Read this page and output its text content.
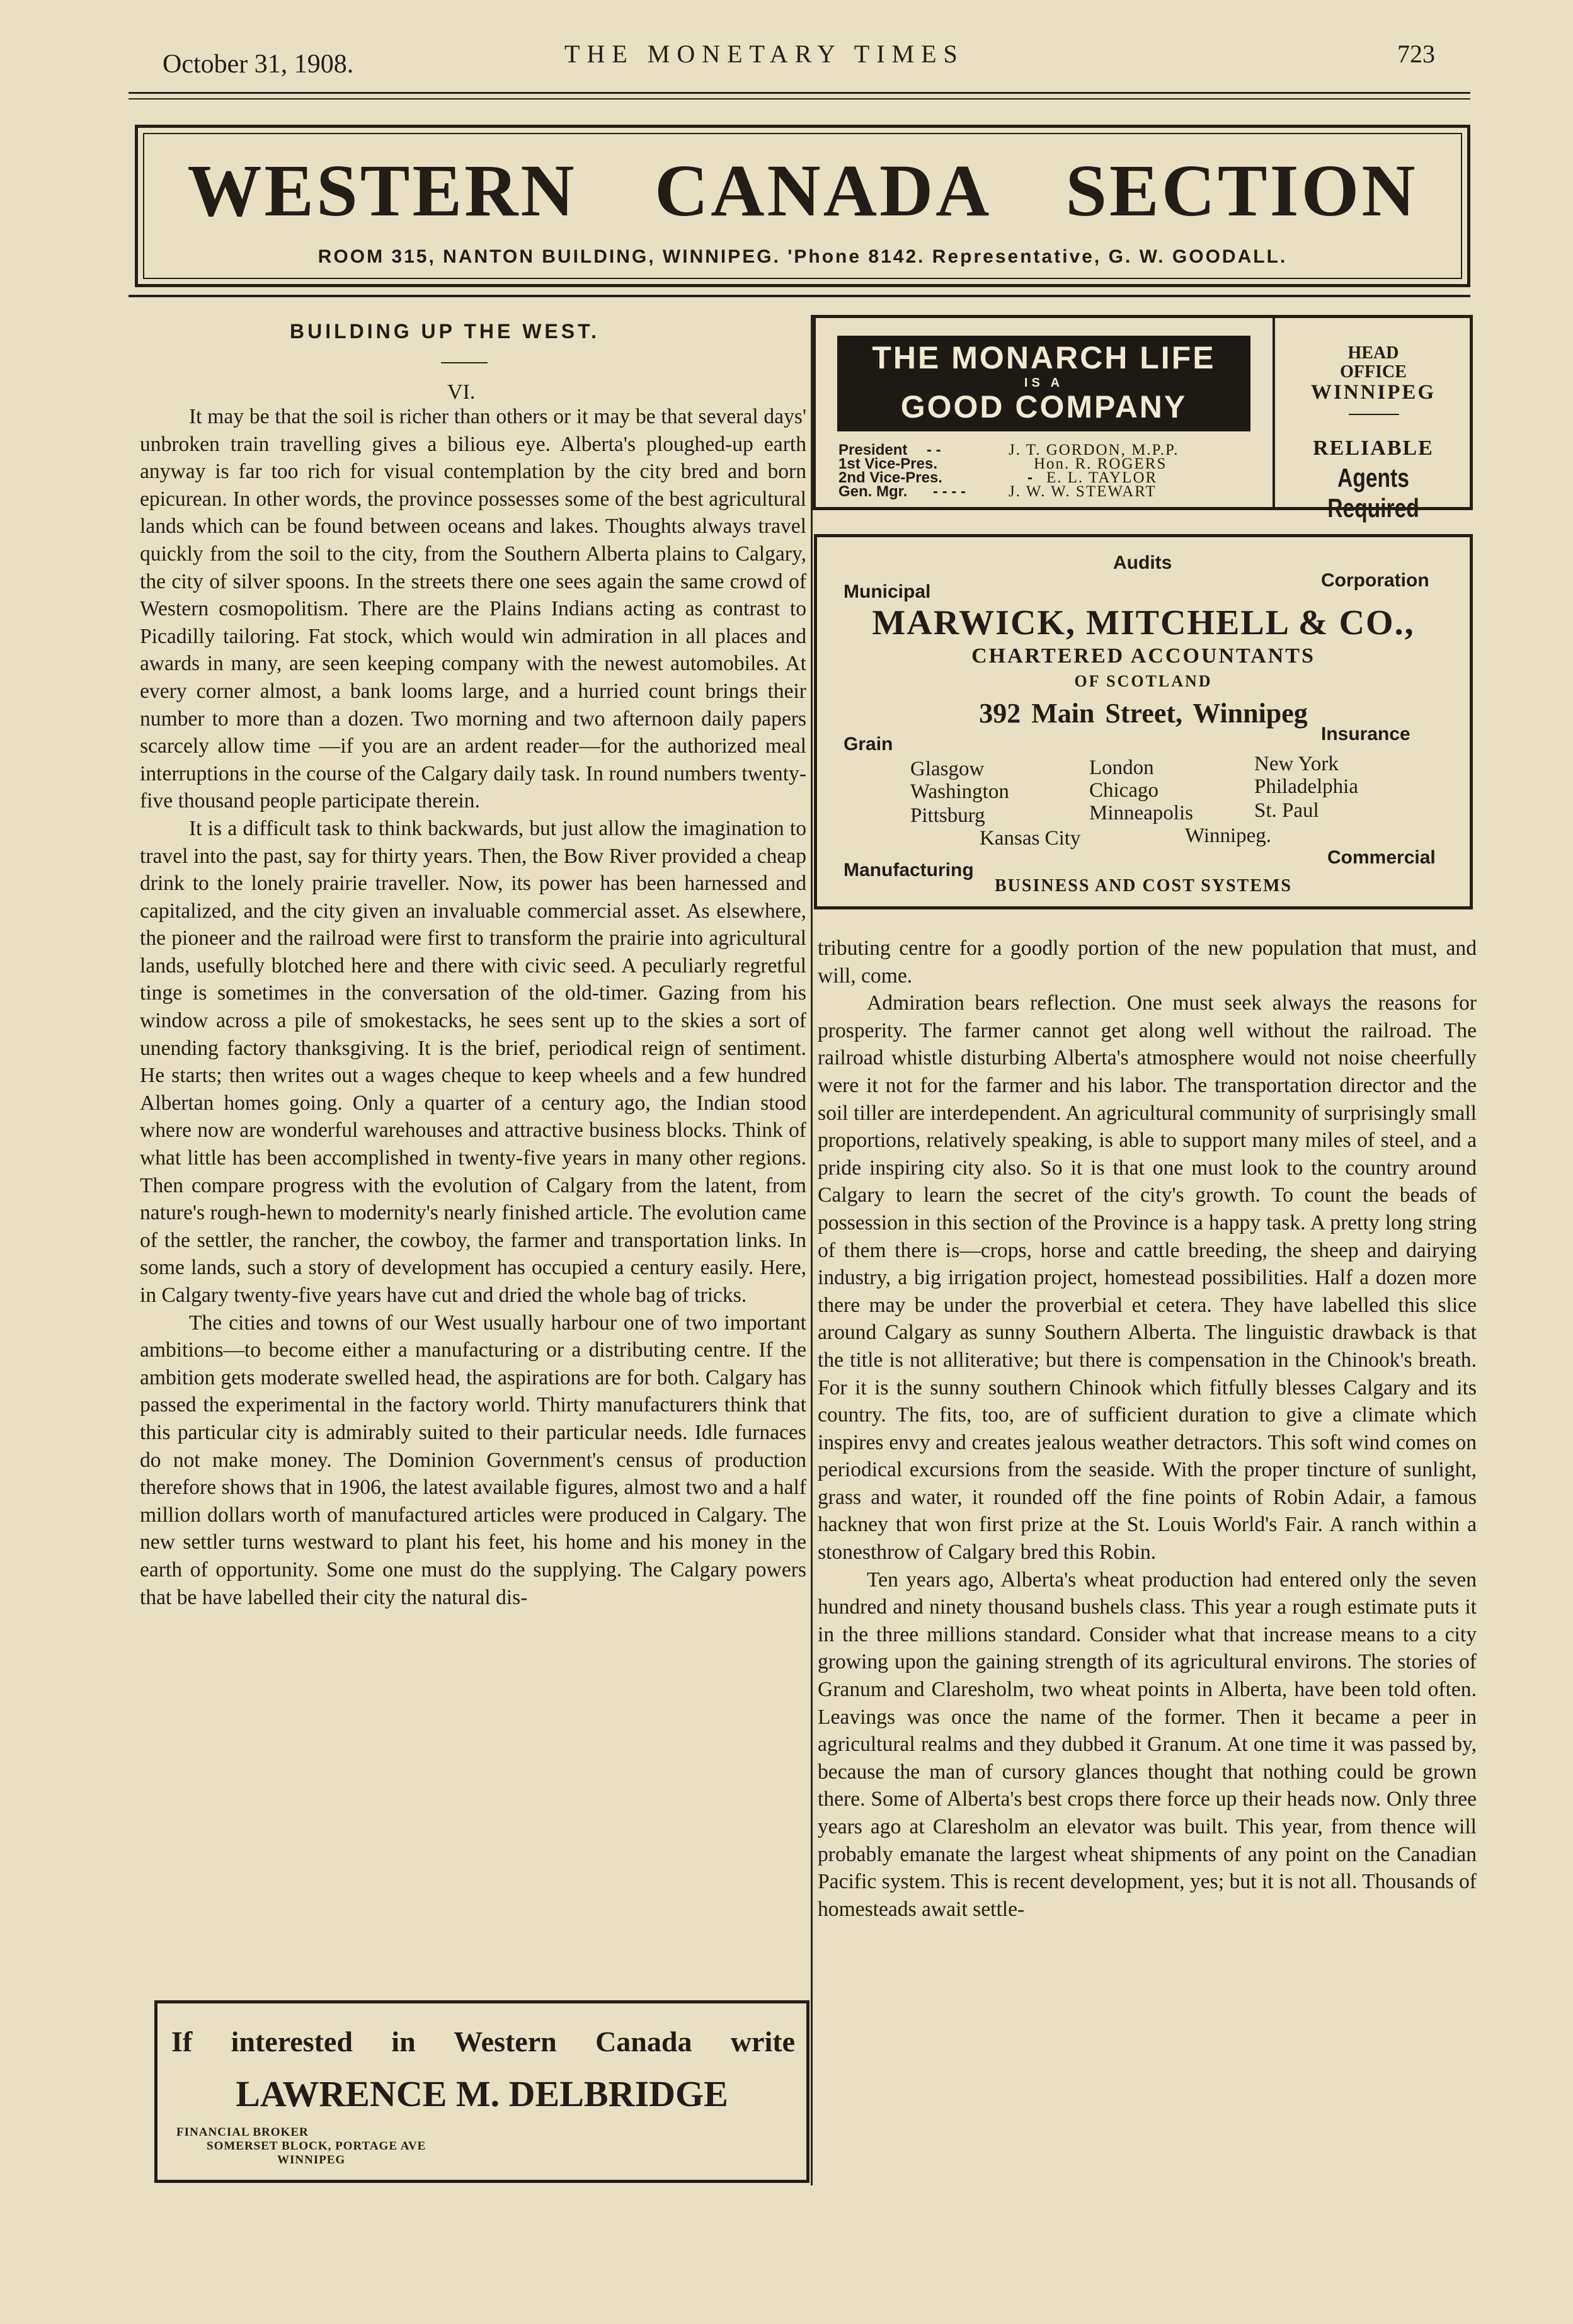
October 31, 1908.	THE MONETARY TIMES	723
WESTERN CANADA SECTION
ROOM 315, NANTON BUILDING, WINNIPEG. 'Phone 8142. Representative, G. W. GOODALL.
BUILDING UP THE WEST.
VI.

It may be that the soil is richer than others or it may be that several days' unbroken train travelling gives a bilious eye. Alberta's ploughed-up earth anyway is far too rich for visual contemplation by the city bred and born epicurean. In other words, the province possesses some of the best agricultural lands which can be found between oceans and lakes. Thoughts always travel quickly from the soil to the city, from the Southern Alberta plains to Calgary, the city of silver spoons. In the streets there one sees again the same crowd of Western cosmopolitism. There are the Plains Indians acting as contrast to Picadilly tailoring. Fat stock, which would win admiration in all places and awards in many, are seen keeping company with the newest automobiles. At every corner almost, a bank looms large, and a hurried count brings their number to more than a dozen. Two morning and two afternoon daily papers scarcely allow time —if you are an ardent reader—for the authorized meal interruptions in the course of the Calgary daily task. In round numbers twenty-five thousand people participate therein.

It is a difficult task to think backwards, but just allow the imagination to travel into the past, say for thirty years. Then, the Bow River provided a cheap drink to the lonely prairie traveller. Now, its power has been harnessed and capitalized, and the city given an invaluable commercial asset. As elsewhere, the pioneer and the railroad were first to transform the prairie into agricultural lands, usefully blotched here and there with civic seed. A peculiarly regretful tinge is sometimes in the conversation of the old-timer. Gazing from his window across a pile of smokestacks, he sees sent up to the skies a sort of unending factory thanksgiving. It is the brief, periodical reign of sentiment. He starts; then writes out a wages cheque to keep wheels and a few hundred Albertan homes going. Only a quarter of a century ago, the Indian stood where now are wonderful warehouses and attractive business blocks. Think of what little has been accomplished in twenty-five years in many other regions. Then compare progress with the evolution of Calgary from the latent, from nature's rough-hewn to modernity's nearly finished article. The evolution came of the settler, the rancher, the cowboy, the farmer and transportation links. In some lands, such a story of development has occupied a century easily. Here, in Calgary twenty-five years have cut and dried the whole bag of tricks.

The cities and towns of our West usually harbour one of two important ambitions—to become either a manufacturing or a distributing centre. If the ambition gets moderate swelled head, the aspirations are for both. Calgary has passed the experimental in the factory world. Thirty manufacturers think that this particular city is admirably suited to their particular needs. Idle furnaces do not make money. The Dominion Government's census of production therefore shows that in 1906, the latest available figures, almost two and a half million dollars worth of manufactured articles were produced in Calgary. The new settler turns westward to plant his feet, his home and his money in the earth of opportunity. Some one must do the supplying. The Calgary powers that be have labelled their city the natural dis-

tributing centre for a goodly portion of the new population that must, and will, come.

Admiration bears reflection. One must seek always the reasons for prosperity. The farmer cannot get along well without the railroad. The railroad whistle disturbing Alberta's atmosphere would not noise cheerfully were it not for the farmer and his labor. The transportation director and the soil tiller are interdependent. An agricultural community of surprisingly small proportions, relatively speaking, is able to support many miles of steel, and a pride inspiring city also. So it is that one must look to the country around Calgary to learn the secret of the city's growth. To count the beads of possession in this section of the Province is a happy task. A pretty long string of them there is—crops, horse and cattle breeding, the sheep and dairying industry, a big irrigation project, homestead possibilities. Half a dozen more there may be under the proverbial et cetera. They have labelled this slice around Calgary as sunny Southern Alberta. The linguistic drawback is that the title is not alliterative; but there is compensation in the Chinook's breath. For it is the sunny southern Chinook which fitfully blesses Calgary and its country. The fits, too, are of sufficient duration to give a climate which inspires envy and creates jealous weather detractors. This soft wind comes on periodical excursions from the seaside. With the proper tincture of sunlight, grass and water, it rounded off the fine points of Robin Adair, a famous hackney that won first prize at the St. Louis World's Fair. A ranch within a stonesthrow of Calgary bred this Robin.

Ten years ago, Alberta's wheat production had entered only the seven hundred and ninety thousand bushels class. This year a rough estimate puts it in the three millions standard. Consider what that increase means to a city growing upon the gaining strength of its agricultural environs. The stories of Granum and Claresholm, two wheat points in Alberta, have been told often. Leavings was once the name of the former. Then it became a peer in agricultural realms and they dubbed it Granum. At one time it was passed by, because the man of cursory glances thought that nothing could be grown there. Some of Alberta's best crops there force up their heads now. Only three years ago at Claresholm an elevator was built. This year, from thence will probably emanate the largest wheat shipments of any point on the Canadian Pacific system. This is recent development, yes; but it is not all. Thousands of homesteads await settle-

THE MONARCH LIFE
IS A
GOOD COMPANY
President - -	J. T. GORDON, M.P.P.
1st Vice-Pres.	Hon. R. ROGERS
2nd Vice-Pres.	- E. L. TAYLOR
Gen. Mgr. - - - -	J. W. W. STEWART
HEAD
OFFICE
WINNIPEG
RELIABLE
Agents Required
Audits
Municipal
Corporation
MARWICK, MITCHELL & CO.,
CHARTERED ACCOUNTANTS
OF SCOTLAND
392 Main Street, Winnipeg
Grain	Insurance
Glasgow	London	New York
Washington	Chicago	Philadelphia
Pittsburg	Minneapolis	St. Paul
Kansas City	Winnipeg.
Manufacturing
Commercial
BUSINESS AND COST SYSTEMS
If interested in Western Canada write
LAWRENCE M. DELBRIDGE
FINANCIAL BROKER
SOMERSET BLOCK, PORTAGE AVE
WINNIPEG
